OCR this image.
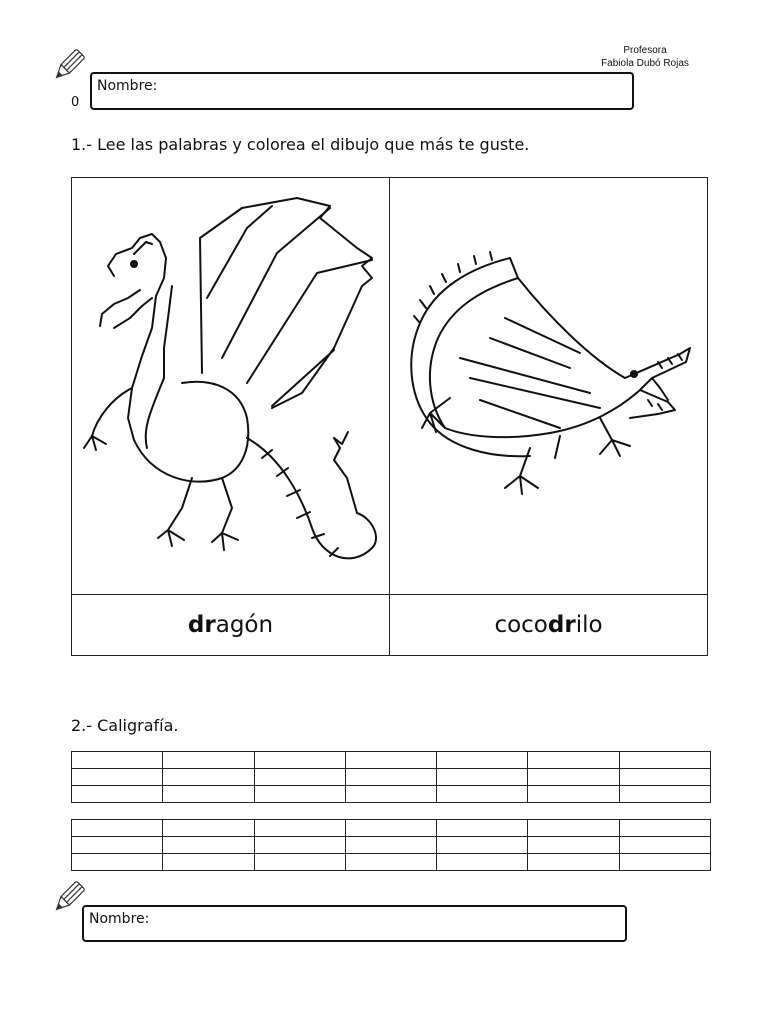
Profesora
Fabiola Dubó Rojas
0
Nombre:
1.- Lee las palabras y colorea el dibujo que más te guste.

dragón	cocodrilo
2.- Caligrafía.

Nombre:
